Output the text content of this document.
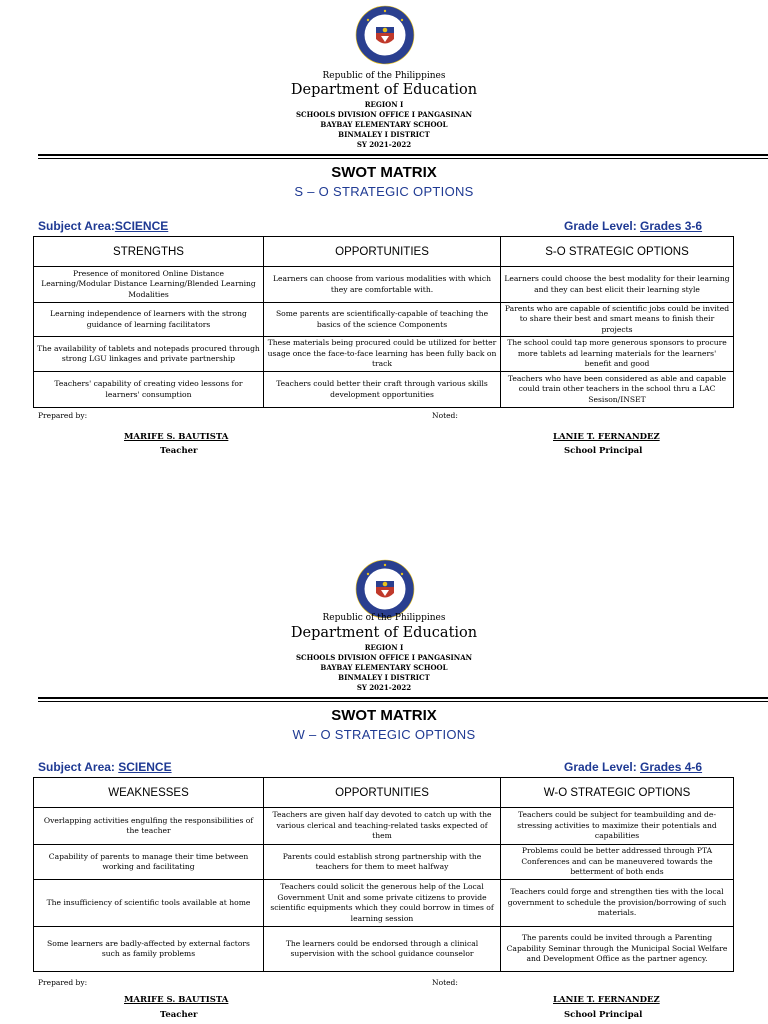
Republic of the Philippines
Department of Education
REGION I
SCHOOLS DIVISION OFFICE I PANGASINAN
BAYBAY ELEMENTARY SCHOOL
BINMALEY I DISTRICT
SY 2021-2022
SWOT MATRIX
S – O STRATEGIC OPTIONS
Subject Area:SCIENCE	Grade Level: Grades 3-6
STRENGTHS	OPPORTUNITIES	S-O STRATEGIC OPTIONS
Presence of monitored Online Distance Learning/Modular Distance Learning/Blended Learning Modalities	Learners can choose from various modalities with which they are comfortable with.	Learners could choose the best modality for their learning and they can best elicit their learning style
Learning independence of learners with the strong guidance of learning facilitators	Some parents are scientifically-capable of teaching the basics of the science Components	Parents who are capable of scientific jobs could be invited to share their best and smart means to finish their projects
The availability of tablets and notepads procured through strong LGU linkages and private partnership	These materials being procured could be utilized for better usage once the face-to-face learning has been fully back on track	The school could tap more generous sponsors to procure more tablets ad learning materials for the learners' benefit and good
Teachers' capability of creating video lessons for learners' consumption	Teachers could better their craft through various skills development opportunities	Teachers who have been considered as able and capable could train other teachers in the school thru a LAC Sesison/INSET
Prepared by:	Noted:
MARIFE S. BAUTISTA
Teacher
LANIE T. FERNANDEZ
School Principal
Republic of the Philippines
Department of Education
REGION I
SCHOOLS DIVISION OFFICE I PANGASINAN
BAYBAY ELEMENTARY SCHOOL
BINMALEY I DISTRICT
SY 2021-2022
SWOT MATRIX
W – O STRATEGIC OPTIONS
Subject Area: SCIENCE	Grade Level: Grades 4-6
WEAKNESSES	OPPORTUNITIES	W-O STRATEGIC OPTIONS
Overlapping activities engulfing the responsibilities of the teacher	Teachers are given half day devoted to catch up with the various clerical and teaching-related tasks expected of them	Teachers could be subject for teambuilding and de-stressing activities to maximize their potentials and capabilities
Capability of parents to manage their time between working and facilitating	Parents could establish strong partnership with the teachers for them to meet halfway	Problems could be better addressed through PTA Conferences and can be maneuvered towards the betterment of both ends
The insufficiency of scientific tools available at home	Teachers could solicit the generous help of the Local Government Unit and some private citizens to provide scientific equipments which they could borrow in times of learning session	Teachers could forge and strengthen ties with the local government to schedule the provision/borrowing of such materials.
Some learners are badly-affected by external factors such as family problems	The learners could be endorsed through a clinical supervision with the school guidance counselor	The parents could be invited through a Parenting Capability Seminar through the Municipal Social Welfare and Development Office as the partner agency.
Prepared by:	Noted:
MARIFE S. BAUTISTA
Teacher
LANIE T. FERNANDEZ
School Principal
